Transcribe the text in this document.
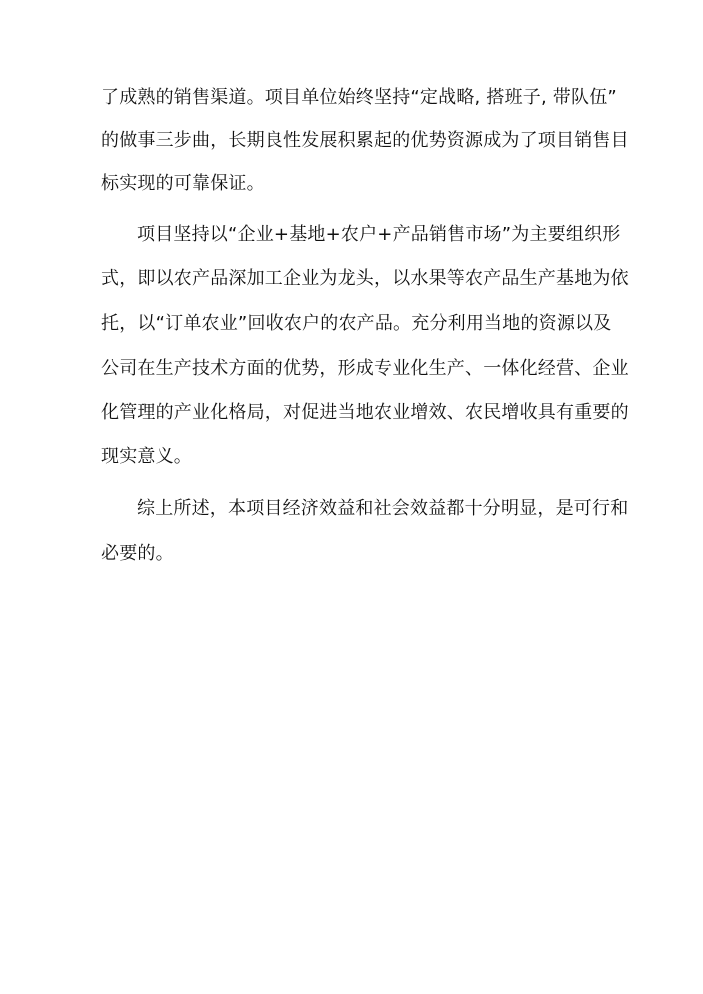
了成熟的销售渠道。项目单位始终坚持“定战略, 搭班子, 带队伍”
的做事三步曲，长期良性发展积累起的优势资源成为了项目销售目
标实现的可靠保证。
项目坚持以“企业+基地+农户+产品销售市场”为主要组织形
式，即以农产品深加工企业为龙头，以水果等农产品生产基地为依
托，以“订单农业”回收农户的农产品。充分利用当地的资源以及
公司在生产技术方面的优势，形成专业化生产、一体化经营、企业
化管理的产业化格局，对促进当地农业增效、农民增收具有重要的
现实意义。
综上所述，本项目经济效益和社会效益都十分明显，是可行和
必要的。
